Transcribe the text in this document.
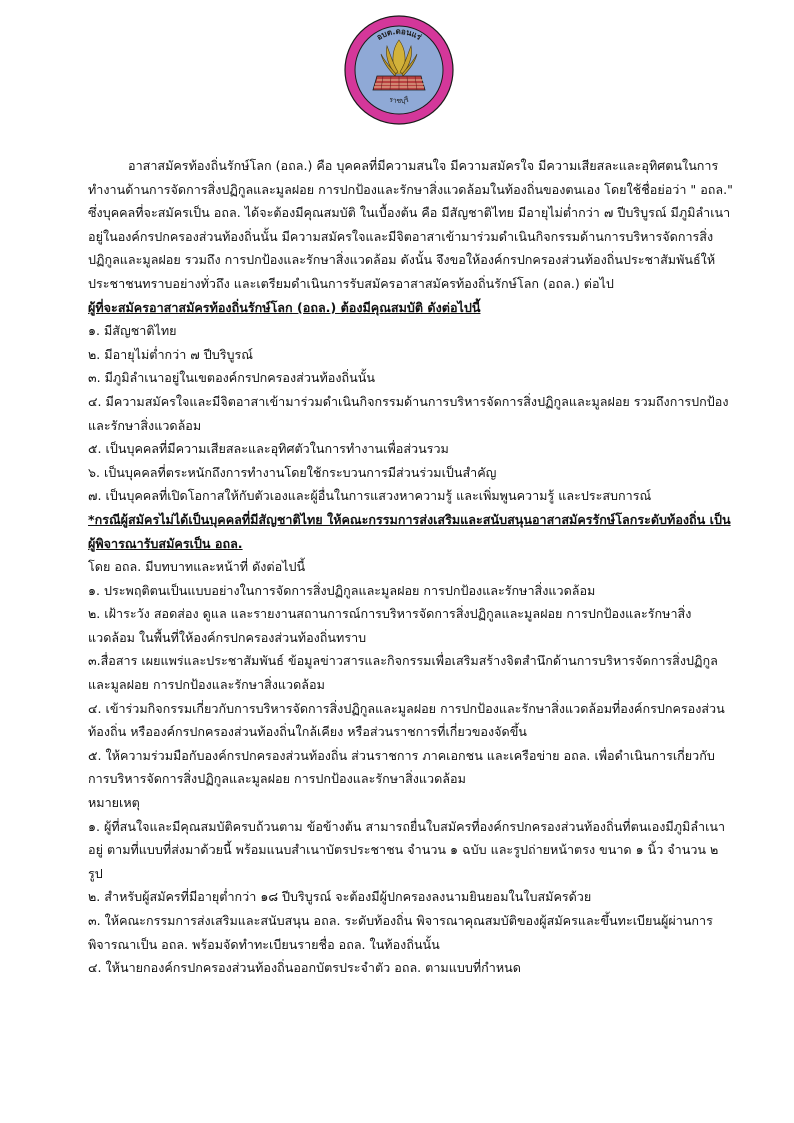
อบต.ดอนแร่
ราชบุรี

อาสาสมัครท้องถิ่นรักษ์โลก (อถล.) คือ บุคคลที่มีความสนใจ มีความสมัครใจ มีความเสียสละและอุทิศตนในการทำงานด้านการจัดการสิ่งปฏิกูลและมูลฝอย การปกป้องและรักษาสิ่งแวดล้อมในท้องถิ่นของตนเอง โดยใช้ชื่อย่อว่า " อถล." ซึ่งบุคคลที่จะสมัครเป็น อถล. ได้จะต้องมีคุณสมบัติ ในเบื้องต้น คือ มีสัญชาติไทย มีอายุไม่ต่ำกว่า ๗ ปีบริบูรณ์ มีภูมิลำเนาอยู่ในองค์กรปกครองส่วนท้องถิ่นนั้น มีความสมัครใจและมีจิตอาสาเข้ามาร่วมดำเนินกิจกรรมด้านการบริหารจัดการสิ่งปฏิกูลและมูลฝอย รวมถึง การปกป้องและรักษาสิ่งแวดล้อม ดังนั้น จึงขอให้องค์กรปกครองส่วนท้องถิ่นประชาสัมพันธ์ให้ประชาชนทราบอย่างทั่วถึง และเตรียมดำเนินการรับสมัครอาสาสมัครท้องถิ่นรักษ์โลก (อถล.) ต่อไป

ผู้ที่จะสมัครอาสาสมัครท้องถิ่นรักษ์โลก (อถล.) ต้องมีคุณสมบัติ ดังต่อไปนี้

๑. มีสัญชาติไทย

๒. มีอายุไม่ต่ำกว่า ๗ ปีบริบูรณ์

๓. มีภูมิลำเนาอยู่ในเขตองค์กรปกครองส่วนท้องถิ่นนั้น

๔. มีความสมัครใจและมีจิตอาสาเข้ามาร่วมดำเนินกิจกรรมด้านการบริหารจัดการสิ่งปฏิกูลและมูลฝอย รวมถึงการปกป้องและรักษาสิ่งแวดล้อม

๕. เป็นบุคคลที่มีความเสียสละและอุทิศตัวในการทำงานเพื่อส่วนรวม

๖. เป็นบุคคลที่ตระหนักถึงการทำงานโดยใช้กระบวนการมีส่วนร่วมเป็นสำคัญ

๗. เป็นบุคคลที่เปิดโอกาสให้กับตัวเองและผู้อื่นในการแสวงหาความรู้ และเพิ่มพูนความรู้ และประสบการณ์

*กรณีผู้สมัครไม่ได้เป็นบุคคลที่มีสัญชาติไทย ให้คณะกรรมการส่งเสริมและสนับสนุนอาสาสมัครรักษ์โลกระดับท้องถิ่น เป็นผู้พิจารณารับสมัครเป็น อถล.

โดย อถล. มีบทบาทและหน้าที่ ดังต่อไปนี้

๑. ประพฤติตนเป็นแบบอย่างในการจัดการสิ่งปฏิกูลและมูลฝอย การปกป้องและรักษาสิ่งแวดล้อม

๒. เฝ้าระวัง สอดส่อง ดูแล และรายงานสถานการณ์การบริหารจัดการสิ่งปฏิกูลและมูลฝอย การปกป้องและรักษาสิ่งแวดล้อม ในพื้นที่ให้องค์กรปกครองส่วนท้องถิ่นทราบ

๓.สื่อสาร เผยแพร่และประชาสัมพันธ์ ข้อมูลข่าวสารและกิจกรรมเพื่อเสริมสร้างจิตสำนึกด้านการบริหารจัดการสิ่งปฏิกูลและมูลฝอย การปกป้องและรักษาสิ่งแวดล้อม

๔. เข้าร่วมกิจกรรมเกี่ยวกับการบริหารจัดการสิ่งปฏิกูลและมูลฝอย การปกป้องและรักษาสิ่งแวดล้อมที่องค์กรปกครองส่วนท้องถิ่น หรือองค์กรปกครองส่วนท้องถิ่นใกล้เคียง หรือส่วนราชการที่เกี่ยวของจัดขึ้น

๕. ให้ความร่วมมือกับองค์กรปกครองส่วนท้องถิ่น ส่วนราชการ ภาคเอกชน และเครือข่าย อถล. เพื่อดำเนินการเกี่ยวกับการบริหารจัดการสิ่งปฏิกูลและมูลฝอย การปกป้องและรักษาสิ่งแวดล้อม

หมายเหตุ

๑. ผู้ที่สนใจและมีคุณสมบัติครบถ้วนตาม ข้อข้างต้น สามารถยื่นใบสมัครที่องค์กรปกครองส่วนท้องถิ่นที่ตนเองมีภูมิลำเนาอยู่ ตามที่แบบที่ส่งมาด้วยนี้ พร้อมแนบสำเนาบัตรประชาชน จำนวน ๑ ฉบับ และรูปถ่ายหน้าตรง ขนาด ๑ นิ้ว จำนวน ๒ รูป

๒. สำหรับผู้สมัครที่มีอายุต่ำกว่า ๑๘ ปีบริบูรณ์ จะต้องมีผู้ปกครองลงนามยินยอมในใบสมัครด้วย

๓. ให้คณะกรรมการส่งเสริมและสนับสนุน อถล. ระดับท้องถิ่น พิจารณาคุณสมบัติของผู้สมัครและขึ้นทะเบียนผู้ผ่านการพิจารณาเป็น อถล. พร้อมจัดทำทะเบียนรายชื่อ อถล. ในท้องถิ่นนั้น

๔. ให้นายกองค์กรปกครองส่วนท้องถิ่นออกบัตรประจำตัว อถล. ตามแบบที่กำหนด
